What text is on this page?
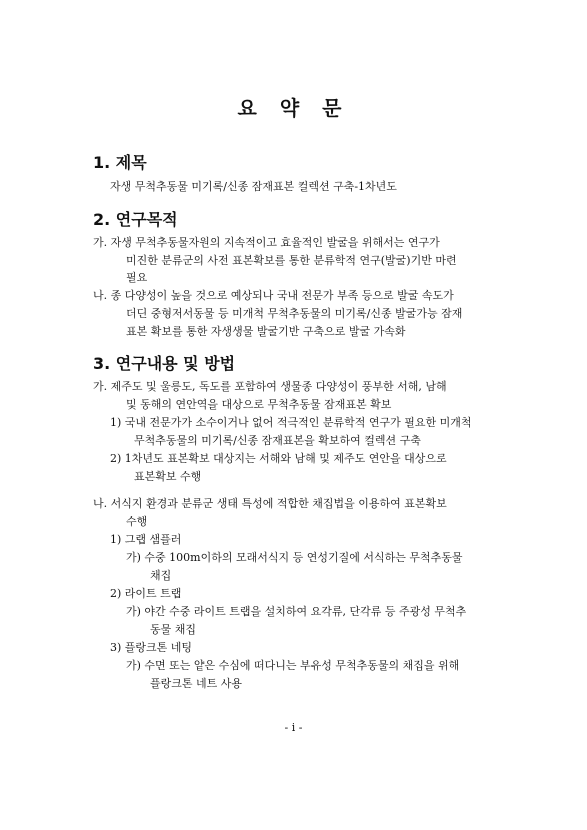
요 약 문
1. 제목

자생 무척추동물 미기록/신종 잠재표본 컬렉션 구축-1차년도

2. 연구목적

가. 자생 무척추동물자원의 지속적이고 효율적인 발굴을 위해서는 연구가

미진한 분류군의 사전 표본확보를 통한 분류학적 연구(발굴)기반 마련

필요

나. 종 다양성이 높을 것으로 예상되나 국내 전문가 부족 등으로 발굴 속도가

더딘 중형저서동물 등 미개척 무척추동물의 미기록/신종 발굴가능 잠재

표본 확보를 통한 자생생물 발굴기반 구축으로 발굴 가속화

3. 연구내용 및 방법

가. 제주도 및 울릉도, 독도를 포함하여 생물종 다양성이 풍부한 서해, 남해

및 동해의 연안역을 대상으로 무척추동물 잠재표본 확보

1) 국내 전문가가 소수이거나 없어 적극적인 분류학적 연구가 필요한 미개척

무척추동물의 미기록/신종 잠재표본을 확보하여 컬렉션 구축

2) 1차년도 표본확보 대상지는 서해와 남해 및 제주도 연안을 대상으로

표본확보 수행

나. 서식지 환경과 분류군 생태 특성에 적합한 채집법을 이용하여 표본확보

수행

1) 그랩 샘플러

가) 수중 100m이하의 모래서식지 등 연성기질에 서식하는 무척추동물

채집

2) 라이트 트랩

가) 야간 수중 라이트 트랩을 설치하여 요각류, 단각류 등 주광성 무척추

동물 채집

3) 플랑크톤 네팅

가) 수면 또는 얕은 수심에 떠다니는 부유성 무척추동물의 채집을 위해

플랑크톤 네트 사용

- i -
